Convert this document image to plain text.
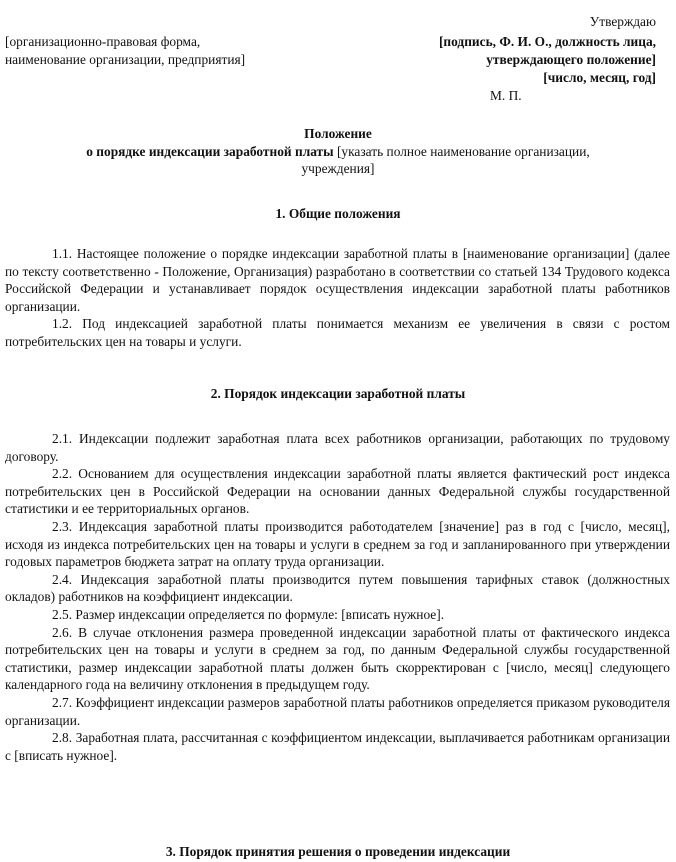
Утверждаю
[организационно-правовая форма,
наименование организации, предприятия]
[подпись, Ф. И. О., должность лица,
утверждающего положение]
[число, месяц, год]
М. П.
Положение
о порядке индексации заработной платы [указать полное наименование организации,
учреждения]
1. Общие положения

1.1. Настоящее положение о порядке индексации заработной платы в [наименование организации] (далее по тексту соответственно - Положение, Организация) разработано в соответствии со статьей 134 Трудового кодекса Российской Федерации и устанавливает порядок осуществления индексации заработной платы работников организации.

1.2. Под индексацией заработной платы понимается механизм ее увеличения в связи с ростом потребительских цен на товары и услуги.

2. Порядок индексации заработной платы

2.1. Индексации подлежит заработная плата всех работников организации, работающих по трудовому договору.

2.2. Основанием для осуществления индексации заработной платы является фактический рост индекса потребительских цен в Российской Федерации на основании данных Федеральной службы государственной статистики и ее территориальных органов.

2.3. Индексация заработной платы производится работодателем [значение] раз в год с [число, месяц], исходя из индекса потребительских цен на товары и услуги в среднем за год и запланированного при утверждении годовых параметров бюджета затрат на оплату труда организации.

2.4. Индексация заработной платы производится путем повышения тарифных ставок (должностных окладов) работников на коэффициент индексации.

2.5. Размер индексации определяется по формуле: [вписать нужное].

2.6. В случае отклонения размера проведенной индексации заработной платы от фактического индекса потребительских цен на товары и услуги в среднем за год, по данным Федеральной службы государственной статистики, размер индексации заработной платы должен быть скорректирован с [число, месяц] следующего календарного года на величину отклонения в предыдущем году.

2.7. Коэффициент индексации размеров заработной платы работников определяется приказом руководителя организации.

2.8. Заработная плата, рассчитанная с коэффициентом индексации, выплачивается работникам организации с [вписать нужное].

3. Порядок принятия решения о проведении индексации
